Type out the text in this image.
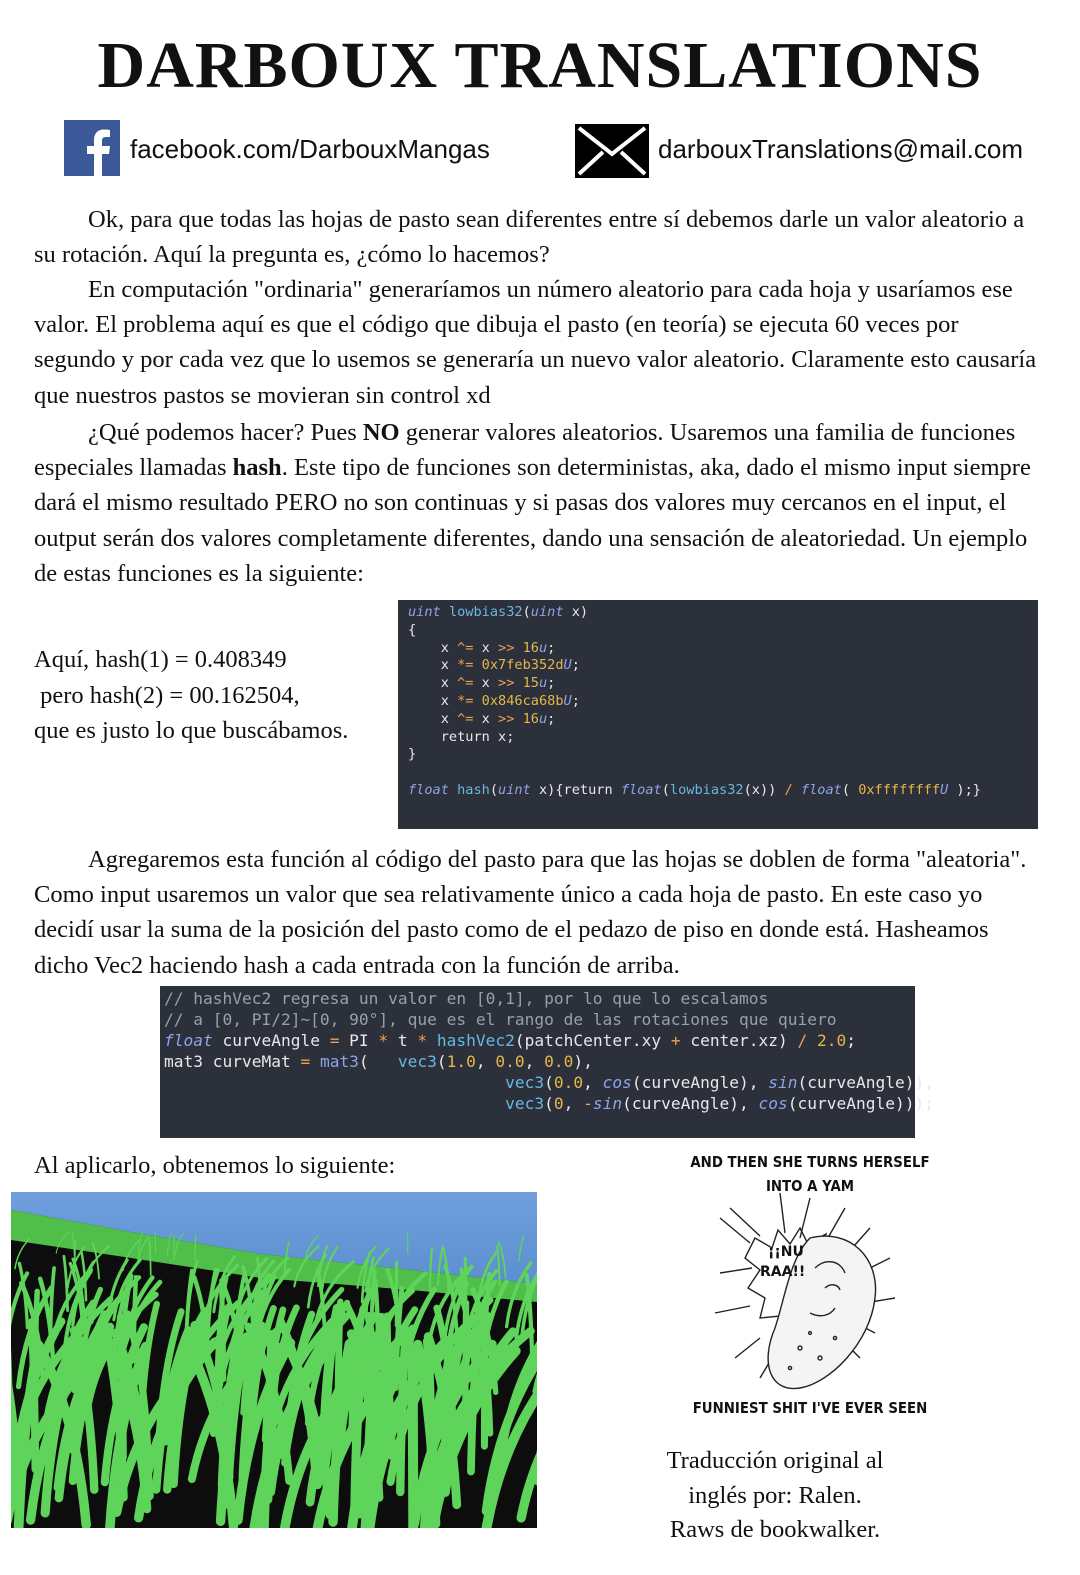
DARBOUX TRANSLATIONS
facebook.com/DarbouxMangas	darbouxTranslations@mail.com

Ok, para que todas las hojas de pasto sean diferentes entre sí debemos darle un valor aleatorio a su rotación. Aquí la pregunta es, ¿cómo lo hacemos?

En computación "ordinaria" generaríamos un número aleatorio para cada hoja y usaríamos ese valor. El problema aquí es que el código que dibuja el pasto (en teoría) se ejecuta 60 veces por segundo y por cada vez que lo usemos se generaría un nuevo valor aleatorio. Claramente esto causaría que nuestros pastos se movieran sin control xd

¿Qué podemos hacer? Pues NO generar valores aleatorios. Usaremos una familia de funciones especiales llamadas hash. Este tipo de funciones son deterministas, aka, dado el mismo input siempre dará el mismo resultado PERO no son continuas y si pasas dos valores muy cercanos en el input, el output serán dos valores completamente diferentes, dando una sensación de aleatoriedad. Un ejemplo de estas funciones es la siguiente:

Aquí, hash(1) = 0.408349
pero hash(2) = 00.162504,
que es justo lo que buscábamos.
uint lowbias32(uint x)
{
x ^= x >> 16u;
x *= 0x7feb352dU;
x ^= x >> 15u;
x *= 0x846ca68bU;
x ^= x >> 16u;
return x;
}
float hash(uint x){return float(lowbias32(x)) / float( 0xffffffffU );}

Agregaremos esta función al código del pasto para que las hojas se doblen de forma "aleatoria". Como input usaremos un valor que sea relativamente único a cada hoja de pasto. En este caso yo decidí usar la suma de la posición del pasto como de el pedazo de piso en donde está. Hasheamos dicho Vec2 haciendo hash a cada entrada con la función de arriba.

// hashVec2 regresa un valor en [0,1], por lo que lo escalamos
// a [0, PI/2]~[0, 90°], que es el rango de las rotaciones que quiero
float curveAngle = PI * t * hashVec2(patchCenter.xy + center.xz) / 2.0;
mat3 curveMat = mat3(   vec3(1.0, 0.0, 0.0),
vec3(0.0, cos(curveAngle), sin(curveAngle)),
vec3(0, -sin(curveAngle), cos(curveAngle)));
Al aplicarlo, obtenemos lo siguiente:
¡¡NU
RAA!!
AND THEN SHE TURNS HERSELF
INTO A YAM
FUNNIEST SHIT I'VE EVER SEEN
Traducción original al
inglés por: Ralen.
Raws de bookwalker.
